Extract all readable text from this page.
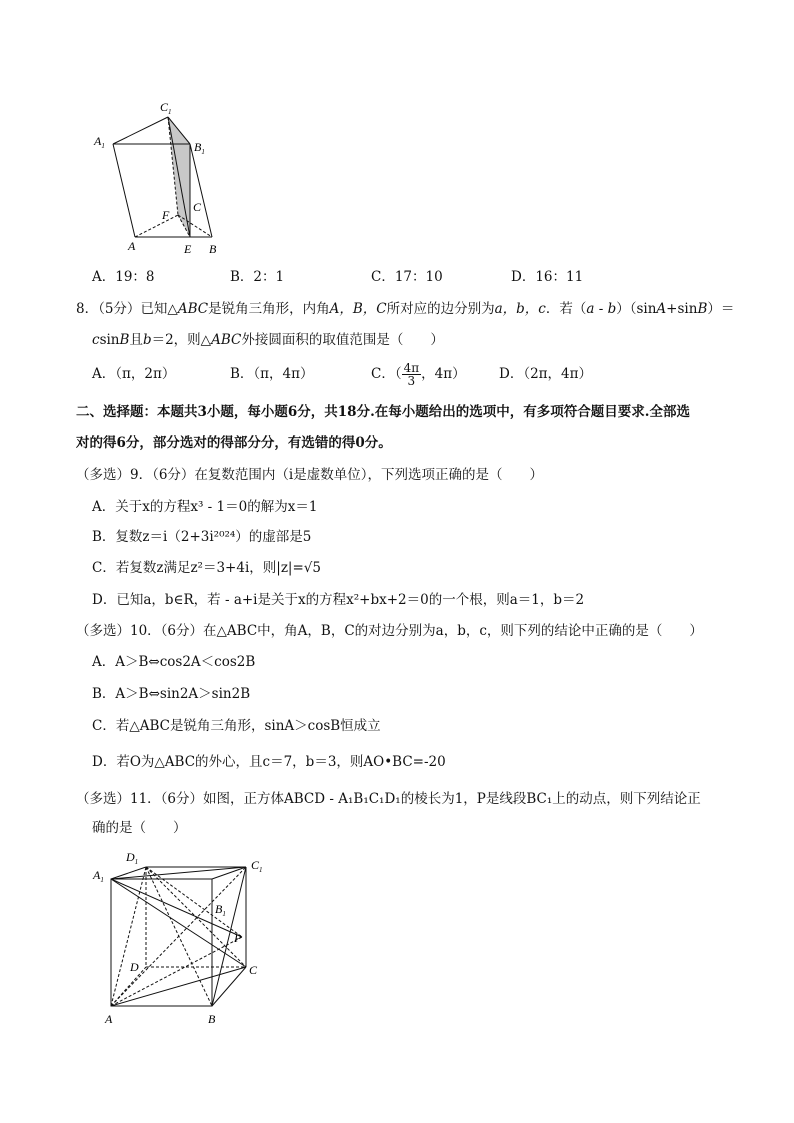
$C_1$
$A_1$	$B_1$
F
C
A	E B
A．19：8	B．2：1	C．17：10	D．16：11
8．（5分）已知△ABC是锐角三角形，内角A，B，C所对应的边分别为a，b，c．若（a - b）（sinA+sinB）＝
csinB且b＝2，则△ABC外接圆面积的取值范围是（　　）
A．（π，2π）	B．（π，4π）	C．（ $\frac{4\pi}{3}$ ，4π） D．（2π，4π）
二、选择题：本题共3小题，每小题6分，共18分.在每小题给出的选项中，有多项符合题目要求.全部选
对的得6分，部分选对的得部分分，有选错的得0分。
（多选）9．（6分）在复数范围内（i是虚数单位），下列选项正确的是（　　）
A．关于x的方程x³ - 1＝0的解为x＝1
B．复数z＝i（2+3i²⁰²⁴）的虚部是5
C．若复数z满足z²＝3+4i，则|z|=√5
D．已知a，b∈R，若 - a+i是关于x的方程x²+bx+2＝0的一个根，则a＝1，b＝2
（多选）10．（6分）在△ABC中，角A，B，C的对边分别为a，b，c，则下列的结论中正确的是（　　）
A．A＞B⇔cos2A＜cos2B
B．A＞B⇔sin2A＞sin2B
C．若△ABC是锐角三角形，sinA＞cosB恒成立
D．若O为△ABC的外心，且c＝7，b＝3，则AO•BC=-20
（多选）11．（6分）如图，正方体ABCD - A₁B₁C₁D₁的棱长为1，P是线段BC₁上的动点，则下列结论正
确的是（　　）
$D_1$	$C_1$
$A_1$
$B_1$
P
D	C
A	B
